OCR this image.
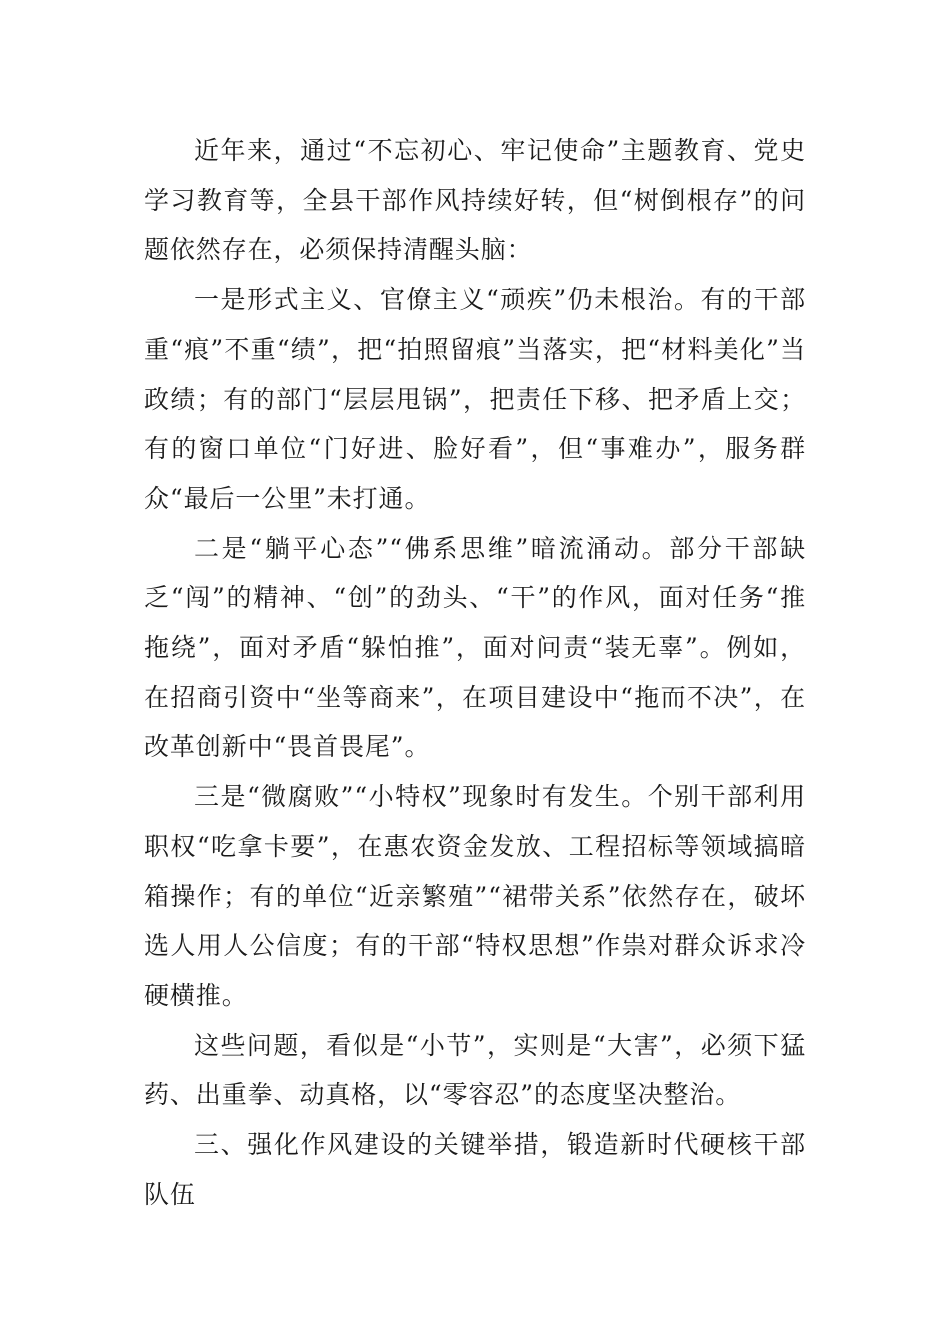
近年来，通过“不忘初心、牢记使命”主题教育、党史学习教育等，全县干部作风持续好转，但“树倒根存”的问题依然存在，必须保持清醒头脑：

一是形式主义、官僚主义“顽疾”仍未根治。有的干部重“痕”不重“绩”，把“拍照留痕”当落实，把“材料美化”当政绩；有的部门“层层甩锅”，把责任下移、把矛盾上交；有的窗口单位“门好进、脸好看”，但“事难办”，服务群众“最后一公里”未打通。

二是“躺平心态”“佛系思维”暗流涌动。部分干部缺乏“闯”的精神、“创”的劲头、“干”的作风，面对任务“推拖绕”，面对矛盾“躲怕推”，面对问责“装无辜”。例如，在招商引资中“坐等商来”，在项目建设中“拖而不决”，在改革创新中“畏首畏尾”。

三是“微腐败”“小特权”现象时有发生。个别干部利用职权“吃拿卡要”，在惠农资金发放、工程招标等领域搞暗箱操作；有的单位“近亲繁殖”“裙带关系”依然存在，破坏选人用人公信度；有的干部“特权思想”作祟对群众诉求冷硬横推。

这些问题，看似是“小节”，实则是“大害”，必须下猛药、出重拳、动真格，以“零容忍”的态度坚决整治。

三、强化作风建设的关键举措，锻造新时代硬核干部队伍
